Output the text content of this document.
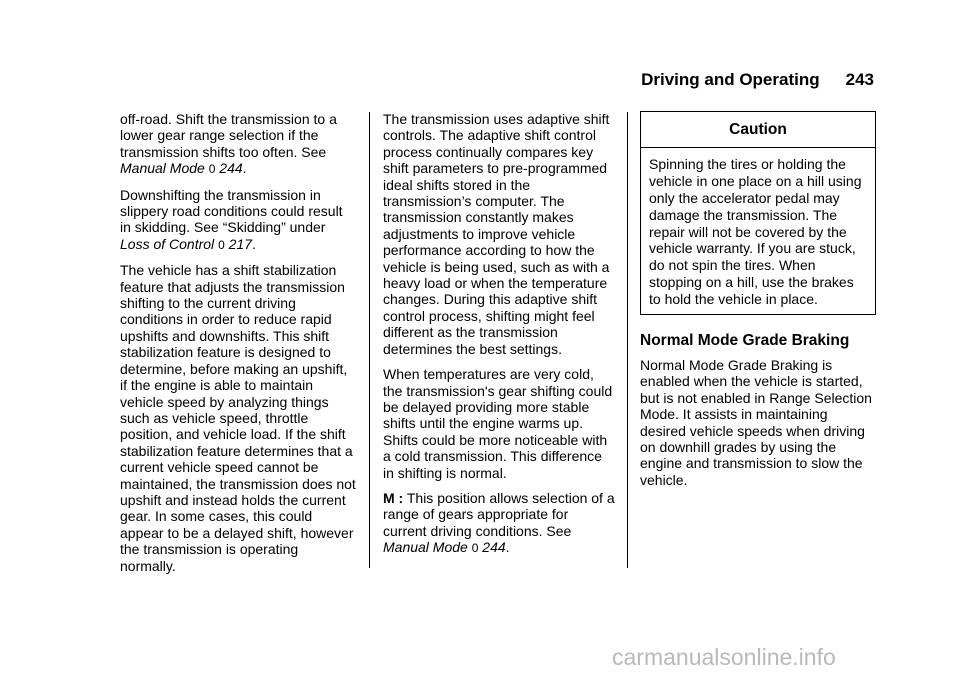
Driving and Operating 243

off-road. Shift the transmission to a lower gear range selection if the transmission shifts too often. See Manual Mode 0 244.

Downshifting the transmission in slippery road conditions could result in skidding. See “Skidding” under Loss of Control 0 217.

The vehicle has a shift stabilization feature that adjusts the transmission shifting to the current driving conditions in order to reduce rapid upshifts and downshifts. This shift stabilization feature is designed to determine, before making an upshift, if the engine is able to maintain vehicle speed by analyzing things such as vehicle speed, throttle position, and vehicle load. If the shift stabilization feature determines that a current vehicle speed cannot be maintained, the transmission does not upshift and instead holds the current gear. In some cases, this could appear to be a delayed shift, however the transmission is operating normally.

The transmission uses adaptive shift controls. The adaptive shift control process continually compares key shift parameters to pre-programmed ideal shifts stored in the transmission’s computer. The transmission constantly makes adjustments to improve vehicle performance according to how the vehicle is being used, such as with a heavy load or when the temperature changes. During this adaptive shift control process, shifting might feel different as the transmission determines the best settings.

When temperatures are very cold, the transmission's gear shifting could be delayed providing more stable shifts until the engine warms up. Shifts could be more noticeable with a cold transmission. This difference in shifting is normal.

M : This position allows selection of a range of gears appropriate for current driving conditions. See Manual Mode 0 244.

Caution
Spinning the tires or holding the vehicle in one place on a hill using only the accelerator pedal may damage the transmission. The repair will not be covered by the vehicle warranty. If you are stuck, do not spin the tires. When stopping on a hill, use the brakes to hold the vehicle in place.
Normal Mode Grade Braking

Normal Mode Grade Braking is enabled when the vehicle is started, but is not enabled in Range Selection Mode. It assists in maintaining desired vehicle speeds when driving on downhill grades by using the engine and transmission to slow the vehicle.

carmanualsonline.info
